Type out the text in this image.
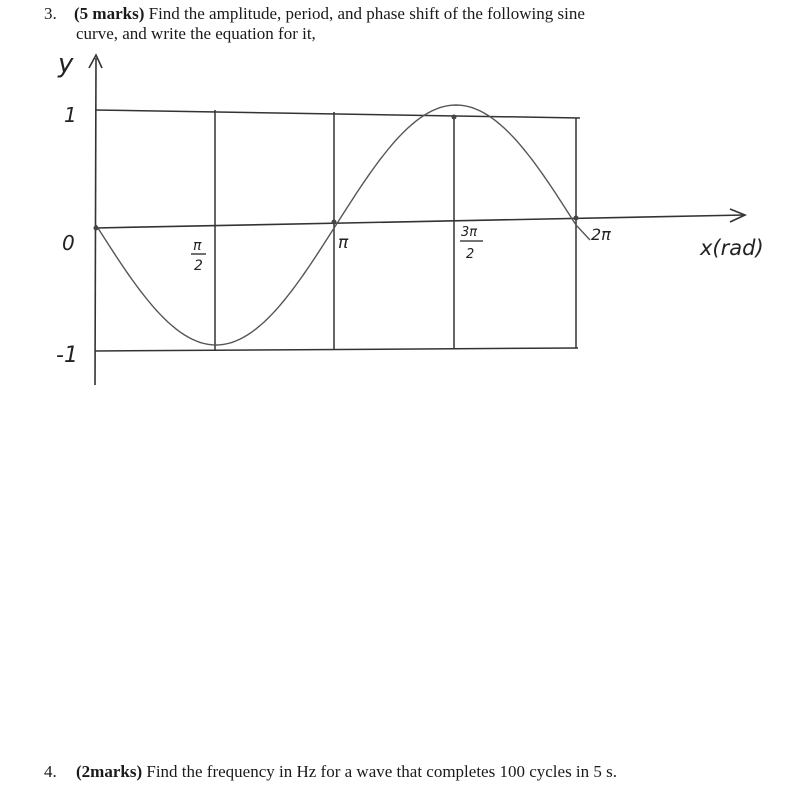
3. (5 marks) Find the amplitude, period, and phase shift of the following sine
curve, and write the equation for it,
y
1
-1
0	π
2
π
3π
2
2π
x(rad)
4. (2marks) Find the frequency in Hz for a wave that completes 100 cycles in 5 s.
